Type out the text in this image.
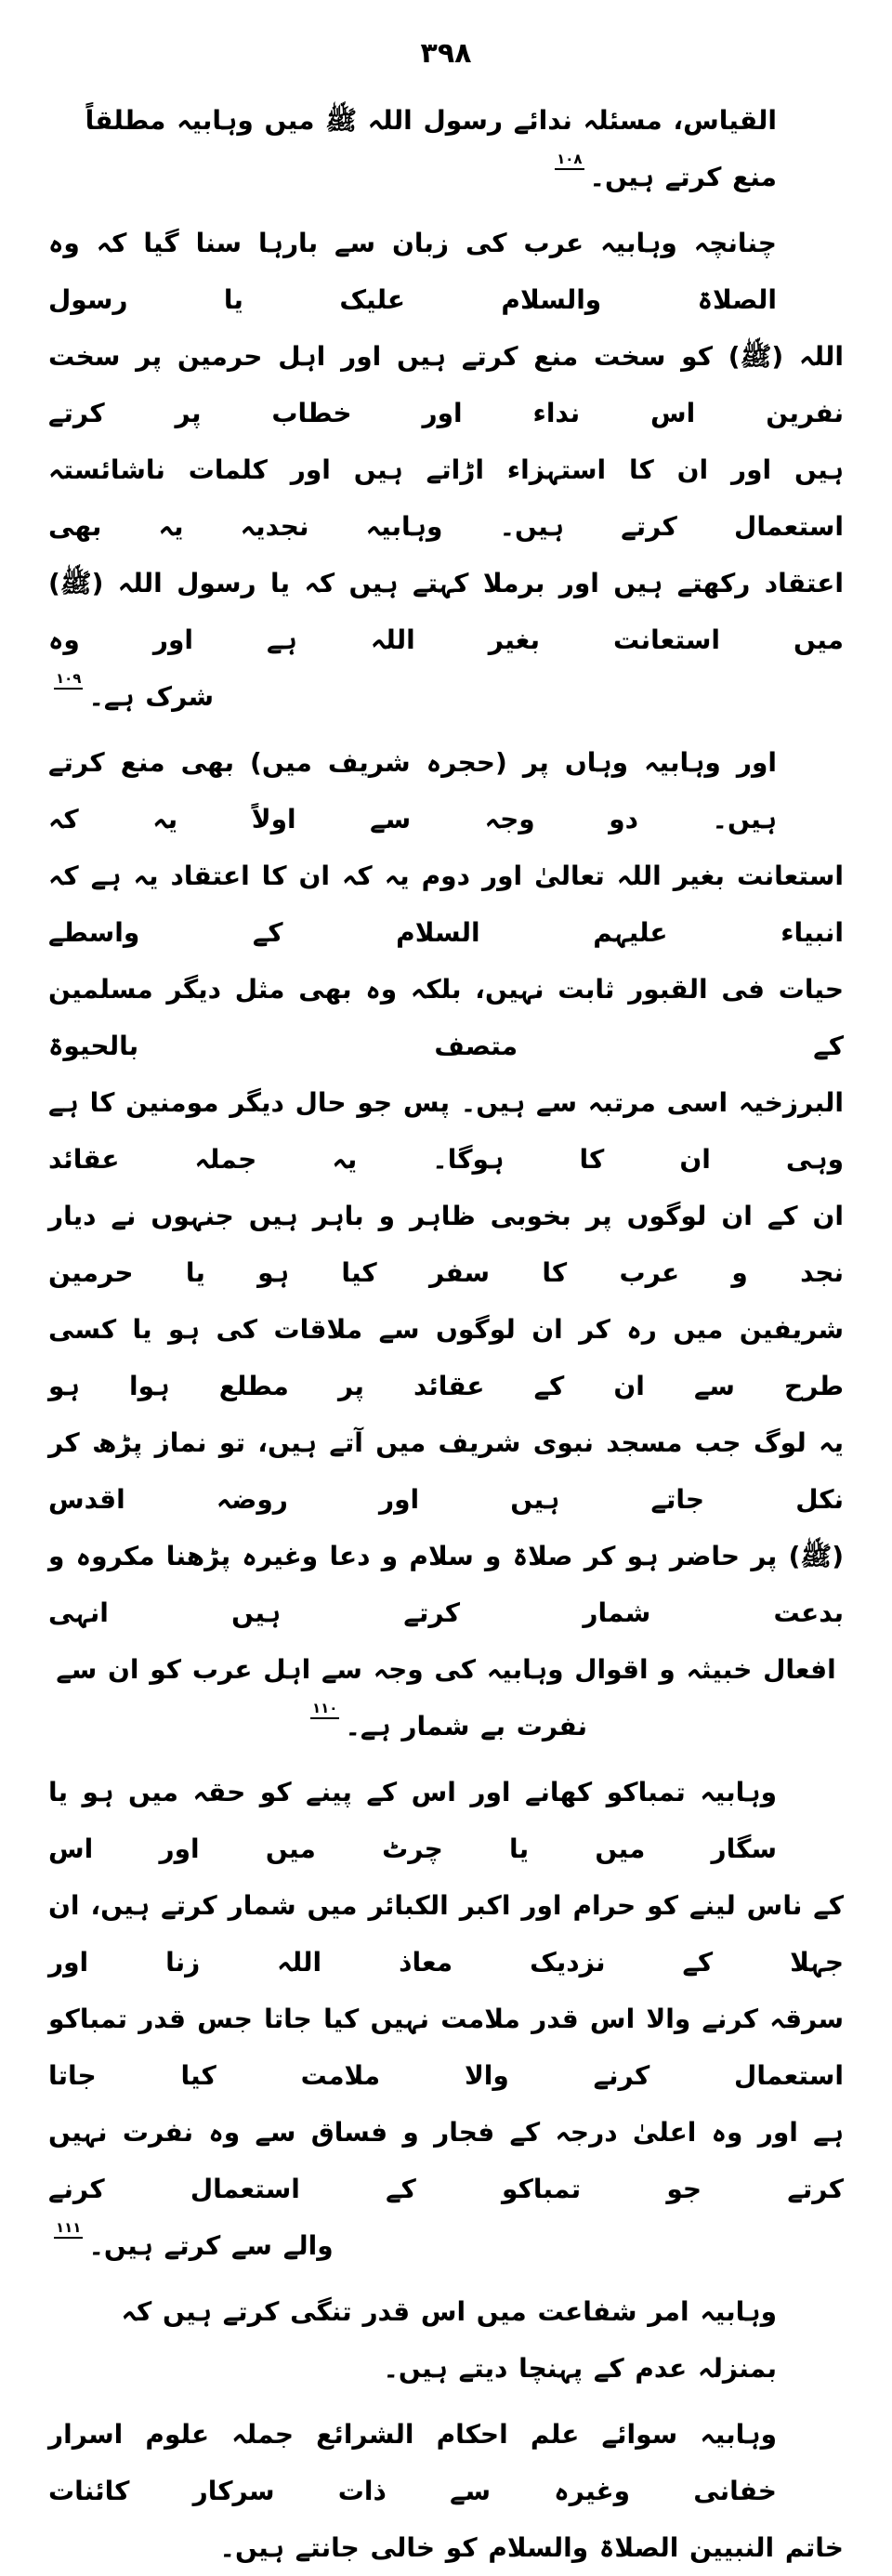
۳۹۸
القیاس، مسئلہ ندائے رسول اللہ ﷺ میں وہابیہ مطلقاً منع کرتے ہیں۔$^{۱۰۸}$
چنانچہ وہابیہ عرب کی زبان سے بارہا سنا گیا کہ وہ الصلاۃ والسلام علیک یا رسول
اللہ (ﷺ) کو سخت منع کرتے ہیں اور اہل حرمین پر سخت نفرین اس نداء اور خطاب پر کرتے
ہیں اور ان کا استہزاء اڑاتے ہیں اور کلمات ناشائستہ استعمال کرتے ہیں۔ وہابیہ نجدیہ یہ بھی
اعتقاد رکھتے ہیں اور برملا کہتے ہیں کہ یا رسول اللہ (ﷺ) میں استعانت بغیر اللہ ہے اور وہ
شرک ہے۔$^{۱۰۹}$
اور وہابیہ وہاں پر (حجرہ شریف میں) بھی منع کرتے ہیں۔ دو وجہ سے اولاً یہ کہ
استعانت بغیر اللہ تعالیٰ اور دوم یہ کہ ان کا اعتقاد یہ ہے کہ انبیاء علیہم السلام کے واسطے
حیات فی القبور ثابت نہیں، بلکہ وہ بھی مثل دیگر مسلمین کے متصف بالحیوۃ
البرزخیہ اسی مرتبہ سے ہیں۔ پس جو حال دیگر مومنین کا ہے وہی ان کا ہوگا۔ یہ جملہ عقائد
ان کے ان لوگوں پر بخوبی ظاہر و باہر ہیں جنہوں نے دیار نجد و عرب کا سفر کیا ہو یا حرمین
شریفین میں رہ کر ان لوگوں سے ملاقات کی ہو یا کسی طرح سے ان کے عقائد پر مطلع ہوا ہو
یہ لوگ جب مسجد نبوی شریف میں آتے ہیں، تو نماز پڑھ کر نکل جاتے ہیں اور روضہ اقدس
(ﷺ) پر حاضر ہو کر صلاۃ و سلام و دعا وغیرہ پڑھنا مکروہ و بدعت شمار کرتے ہیں انہی
افعال خبیثہ و اقوال وہابیہ کی وجہ سے اہل عرب کو ان سے نفرت بے شمار ہے۔$^{۱۱۰}$
وہابیہ تمباکو کھانے اور اس کے پینے کو حقہ میں ہو یا سگار میں یا چرٹ میں اور اس
کے ناس لینے کو حرام اور اکبر الکبائر میں شمار کرتے ہیں، ان جہلا کے نزدیک معاذ اللہ زنا اور
سرقہ کرنے والا اس قدر ملامت نہیں کیا جاتا جس قدر تمباکو استعمال کرنے والا ملامت کیا جاتا
ہے اور وہ اعلیٰ درجہ کے فجار و فساق سے وہ نفرت نہیں کرتے جو تمباکو کے استعمال کرنے
والے سے کرتے ہیں۔$^{۱۱۱}$
وہابیہ امر شفاعت میں اس قدر تنگی کرتے ہیں کہ بمنزلہ عدم کے پہنچا دیتے ہیں۔
وہابیہ سوائے علم احکام الشرائع جملہ علوم اسرار خفانی وغیرہ سے ذات سرکار کائنات
خاتم النبیین الصلاۃ والسلام کو خالی جانتے ہیں۔
